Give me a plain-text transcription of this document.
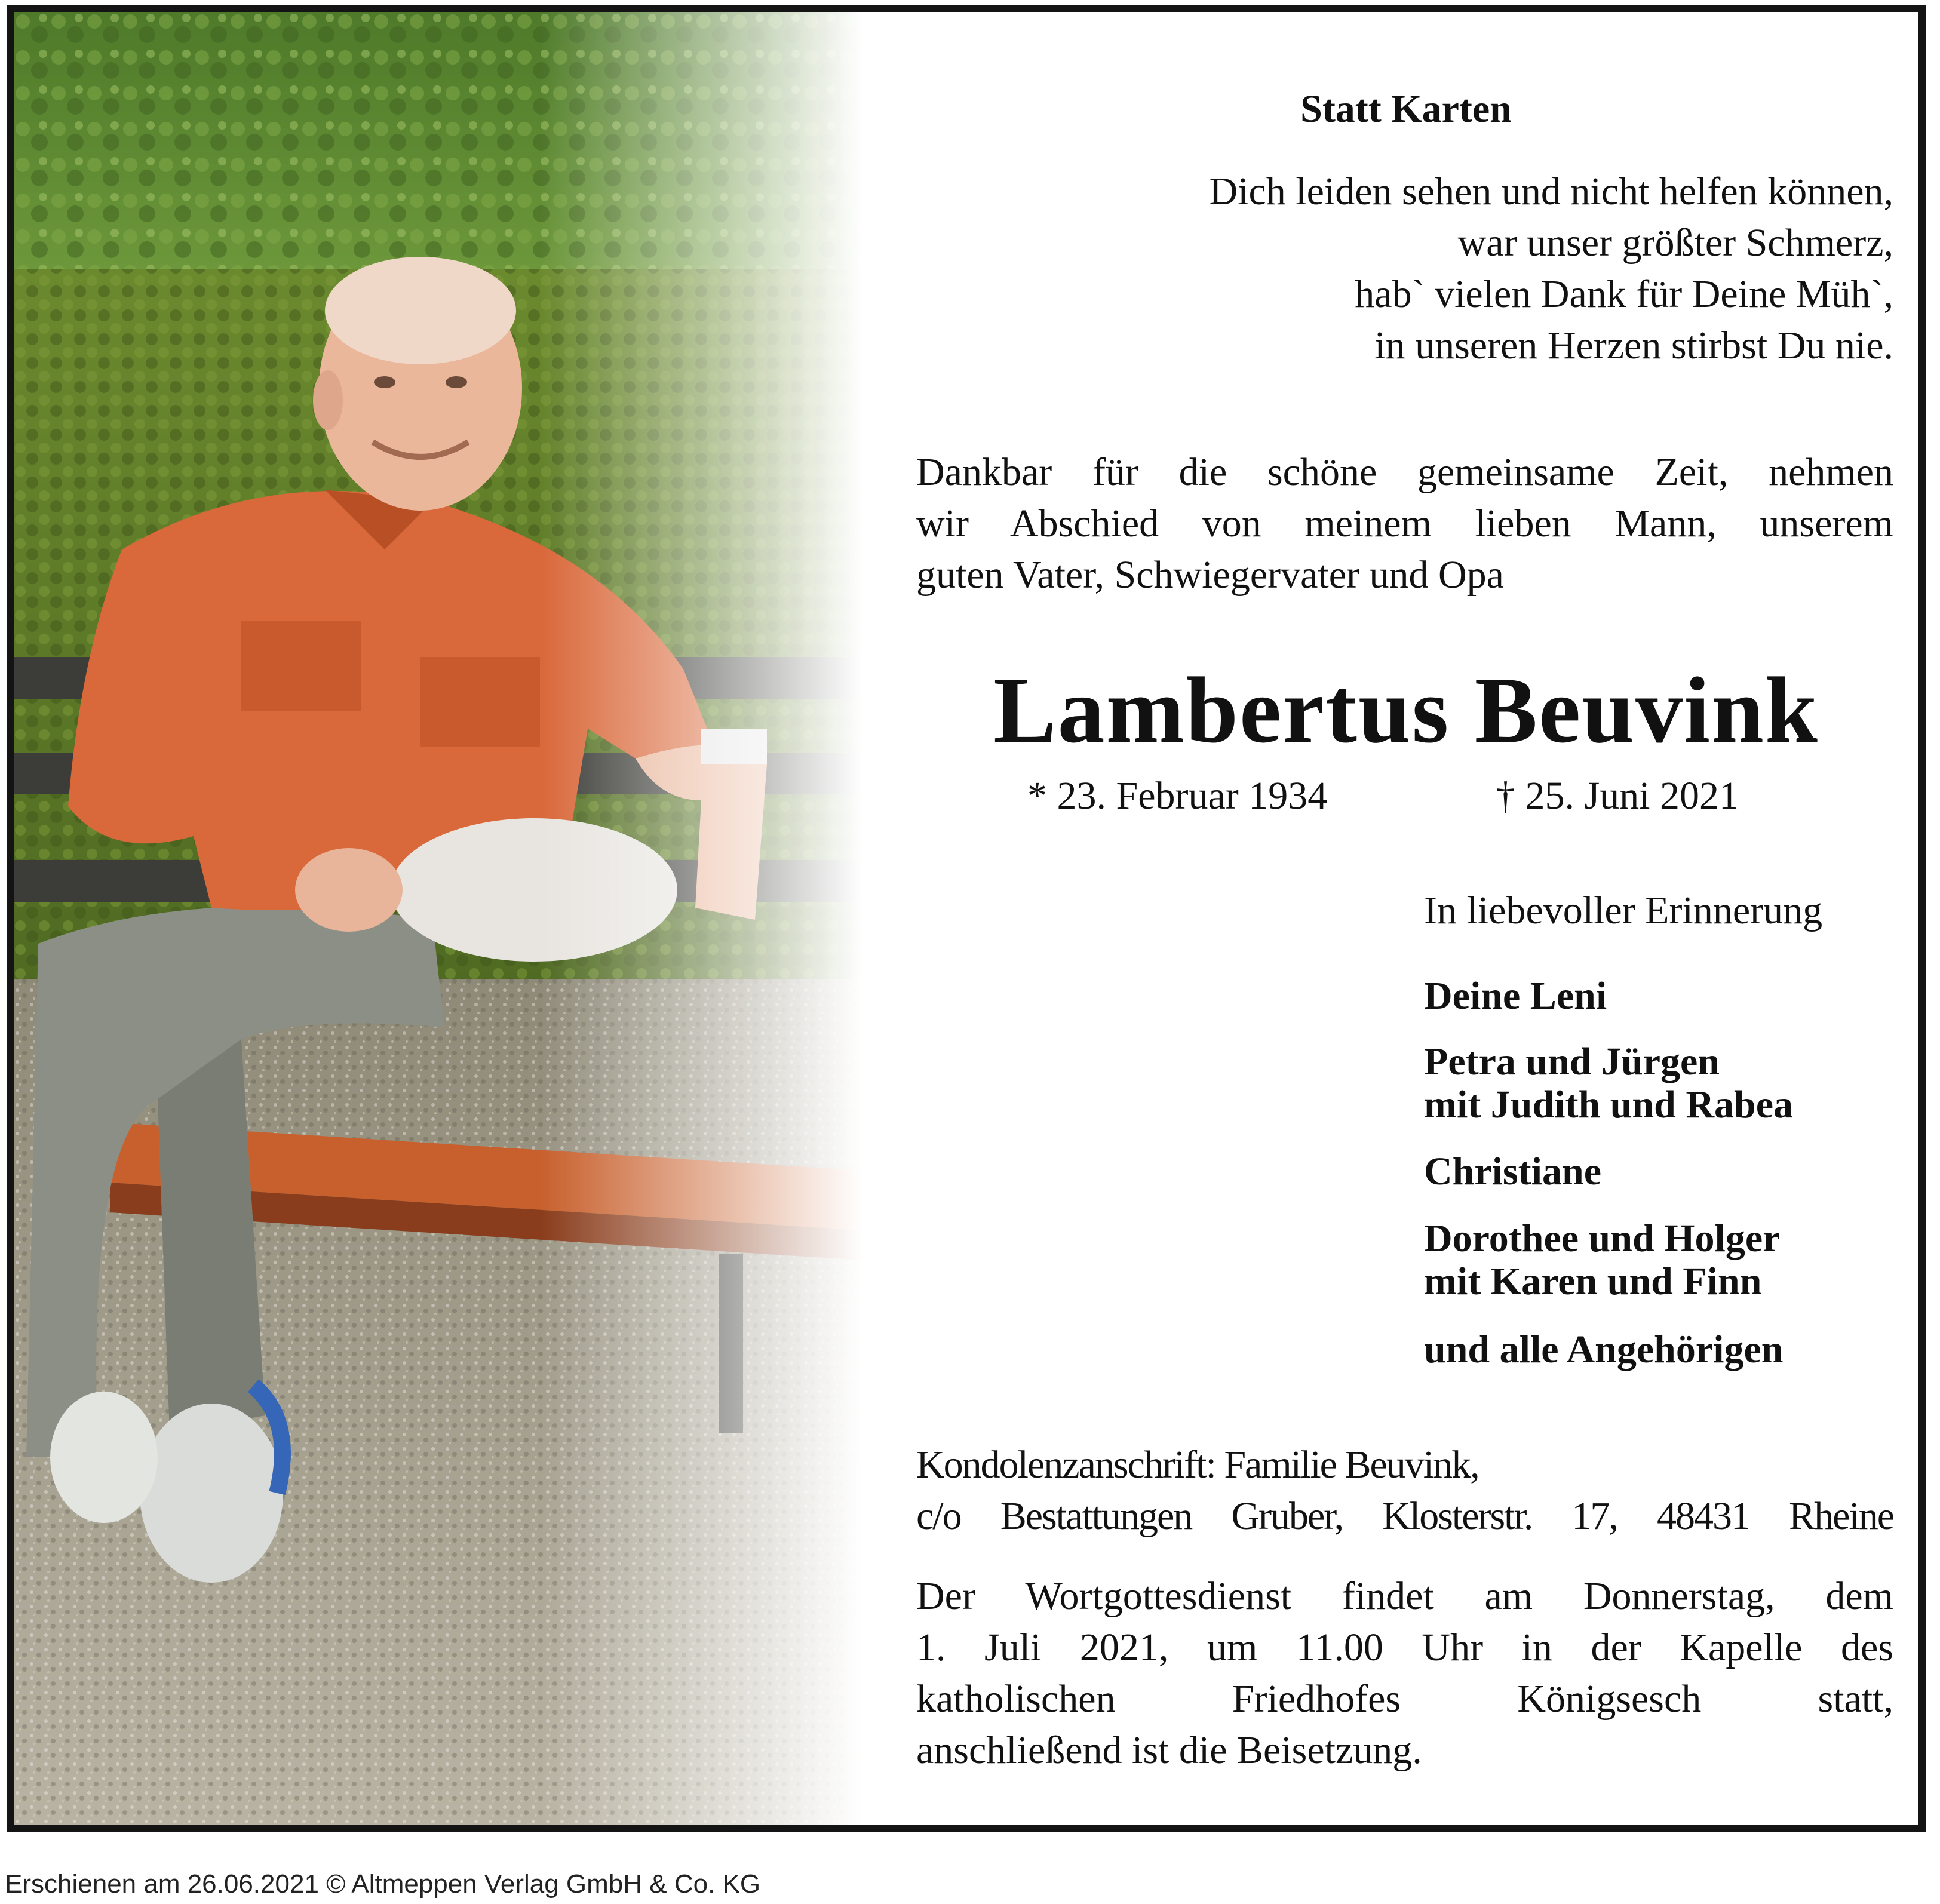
Statt Karten

Dich leiden sehen und nicht helfen können,
war unser größter Schmerz,
hab` vielen Dank für Deine Müh`,
in unseren Herzen stirbst Du nie.

Dankbar für die schöne gemeinsame Zeit, nehmen
wir Abschied von meinem lieben Mann, unserem
guten Vater, Schwiegervater und Opa

Lambertus Beuvink

* 23. Februar 1934	† 25. Juni 2021

In liebevoller Erinnerung

Deine Leni

Petra und Jürgen
mit Judith und Rabea

Christiane

Dorothee und Holger
mit Karen und Finn

und alle Angehörigen

Kondolenzanschrift: Familie Beuvink,
c/o Bestattungen Gruber, Klosterstr. 17, 48431 Rheine

Der Wortgottesdienst findet am Donnerstag, dem
1. Juli 2021, um 11.00 Uhr in der Kapelle des
katholischen Friedhofes Königsesch statt,
anschließend ist die Beisetzung.

Erschienen am 26.06.2021 © Altmeppen Verlag GmbH & Co. KG
